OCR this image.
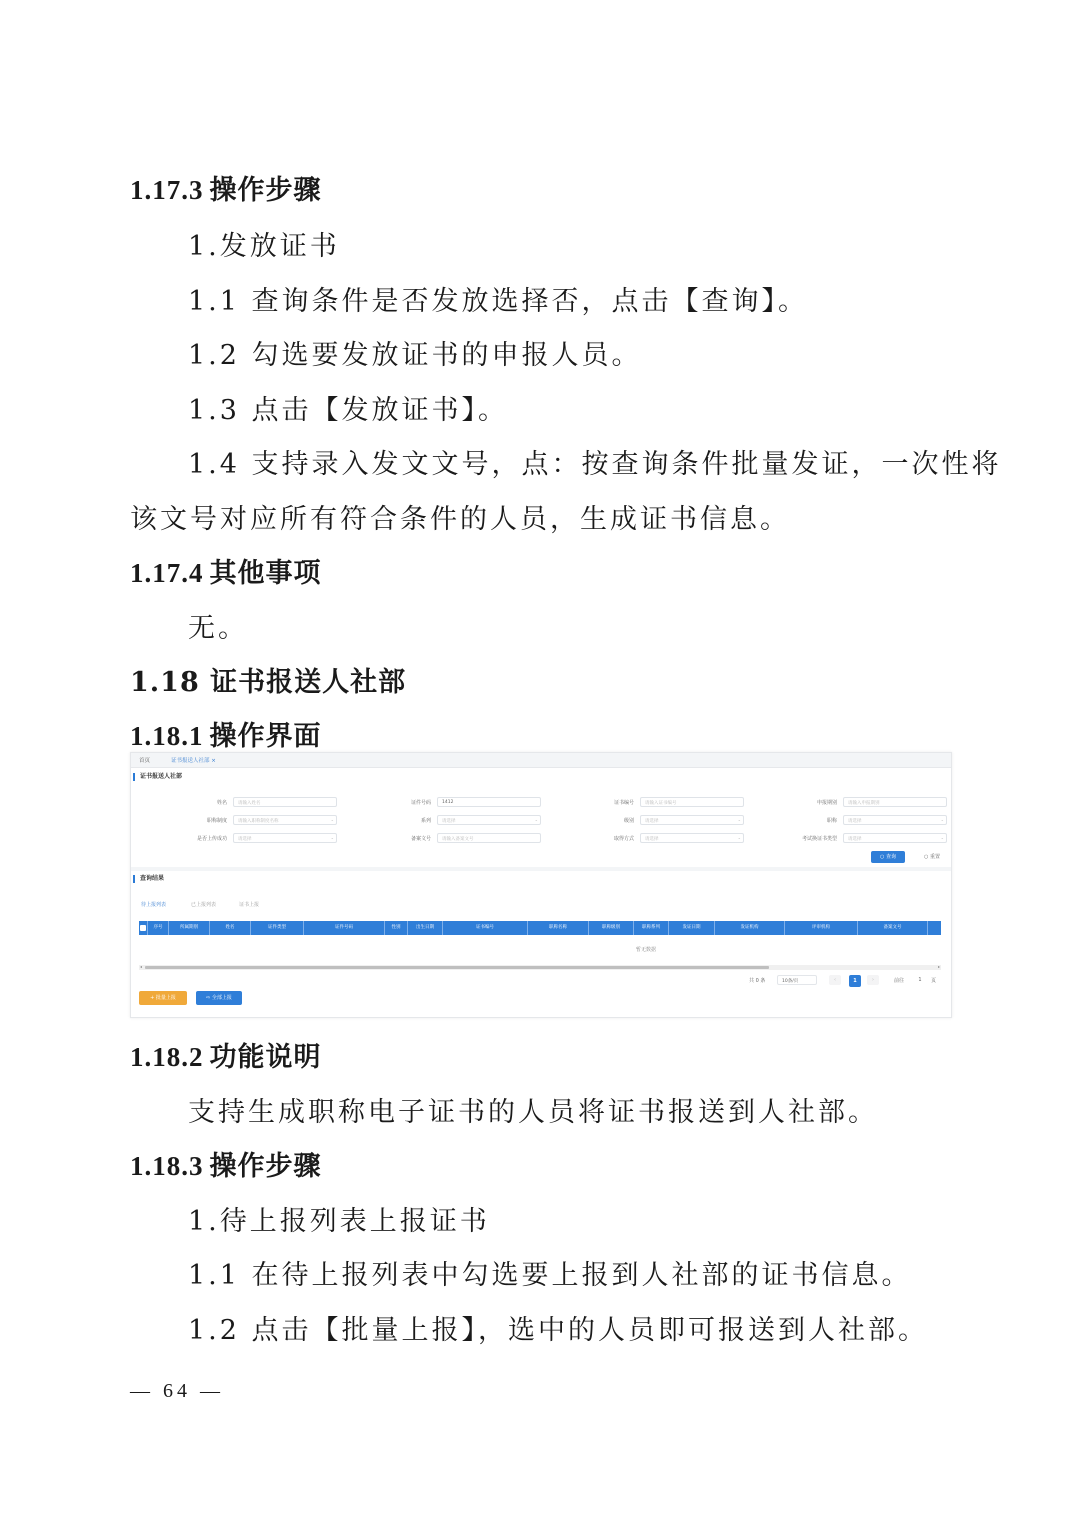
1.17.3 操作步骤
1.发放证书
1.1 查询条件是否发放选择否，点击【查询】。
1.2 勾选要发放证书的申报人员。
1.3 点击【发放证书】。
1.4 支持录入发文文号，点：按查询条件批量发证，一次性将
该文号对应所有符合条件的人员，生成证书信息。
1.17.4 其他事项
无。
1.18 证书报送人社部
1.18.1 操作界面
1.18.2 功能说明
支持生成职称电子证书的人员将证书报送到人社部。
1.18.3 操作步骤
1.待上报列表上报证书
1.1 在待上报列表中勾选要上报到人社部的证书信息。
1.2 点击【批量上报】，选中的人员即可报送到人社部。
首页	证书报送人社部 ×
证书报送人社部
姓名	请输入姓名	证件号码	1412	证书编号	请输入证书编号	申报期别	请输入申报期别
职称制度	请输入职称制度名称	⌄	系列	请选择	⌄	级别	请选择	⌄	职称	请选择	⌄
是否上传成功	请选择	⌄	备案文号	请输入备案文号	取得方式	请选择	⌄	考试换证书类型	请选择	⌄
○ 查询	○ 重置
查询结果
待上报列表	已上报列表	证书上报
序号	所属期别	姓名	证件类型	证件号码	性别	出生日期	证书编号	职称名称	职称级别	职称系列	发证日期	发证机构	评审机构	备案文号
暂无数据
◂	▸
共 0 条	10条/页	‹	1	›	前往	1	页
+ 批量上报	⇨ 全部上报
— 64 —
